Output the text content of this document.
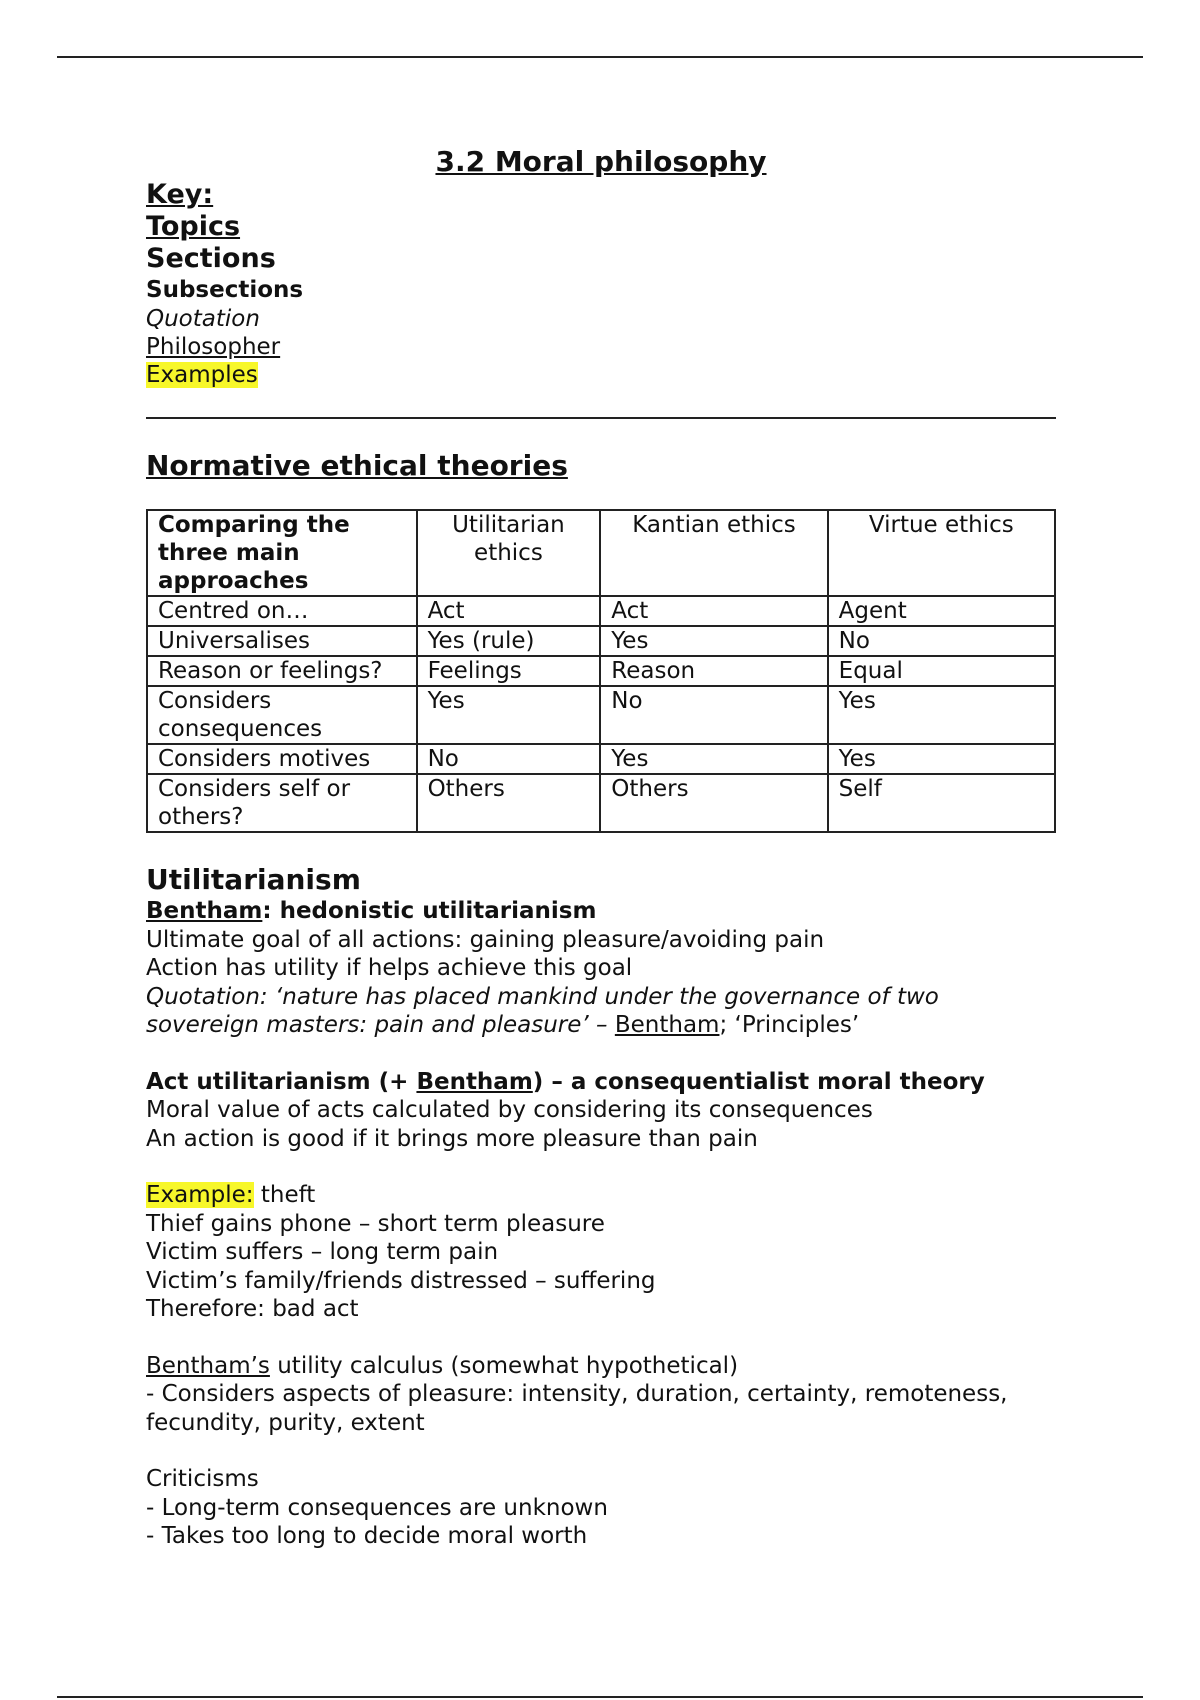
3.2 Moral philosophy
Key:
Topics
Sections
Subsections
Quotation
Philosopher
Examples
Normative ethical theories
Comparing the three main approaches	Utilitarian ethics	Kantian ethics	Virtue ethics
Centred on…	Act	Act	Agent
Universalises	Yes (rule)	Yes	No
Reason or feelings?	Feelings	Reason	Equal
Considers consequences	Yes	No	Yes
Considers motives	No	Yes	Yes
Considers self or others?	Others	Others	Self
Utilitarianism
Bentham: hedonistic utilitarianism
Ultimate goal of all actions: gaining pleasure/avoiding pain
Action has utility if helps achieve this goal
Quotation: ‘nature has placed mankind under the governance of two sovereign masters: pain and pleasure’ – Bentham; ‘Principles’
Act utilitarianism (+ Bentham) – a consequentialist moral theory
Moral value of acts calculated by considering its consequences
An action is good if it brings more pleasure than pain
Example: theft
Thief gains phone – short term pleasure
Victim suffers – long term pain
Victim’s family/friends distressed – suffering
Therefore: bad act
Bentham’s utility calculus (somewhat hypothetical)
- Considers aspects of pleasure: intensity, duration, certainty, remoteness, fecundity, purity, extent
Criticisms
- Long-term consequences are unknown
- Takes too long to decide moral worth
